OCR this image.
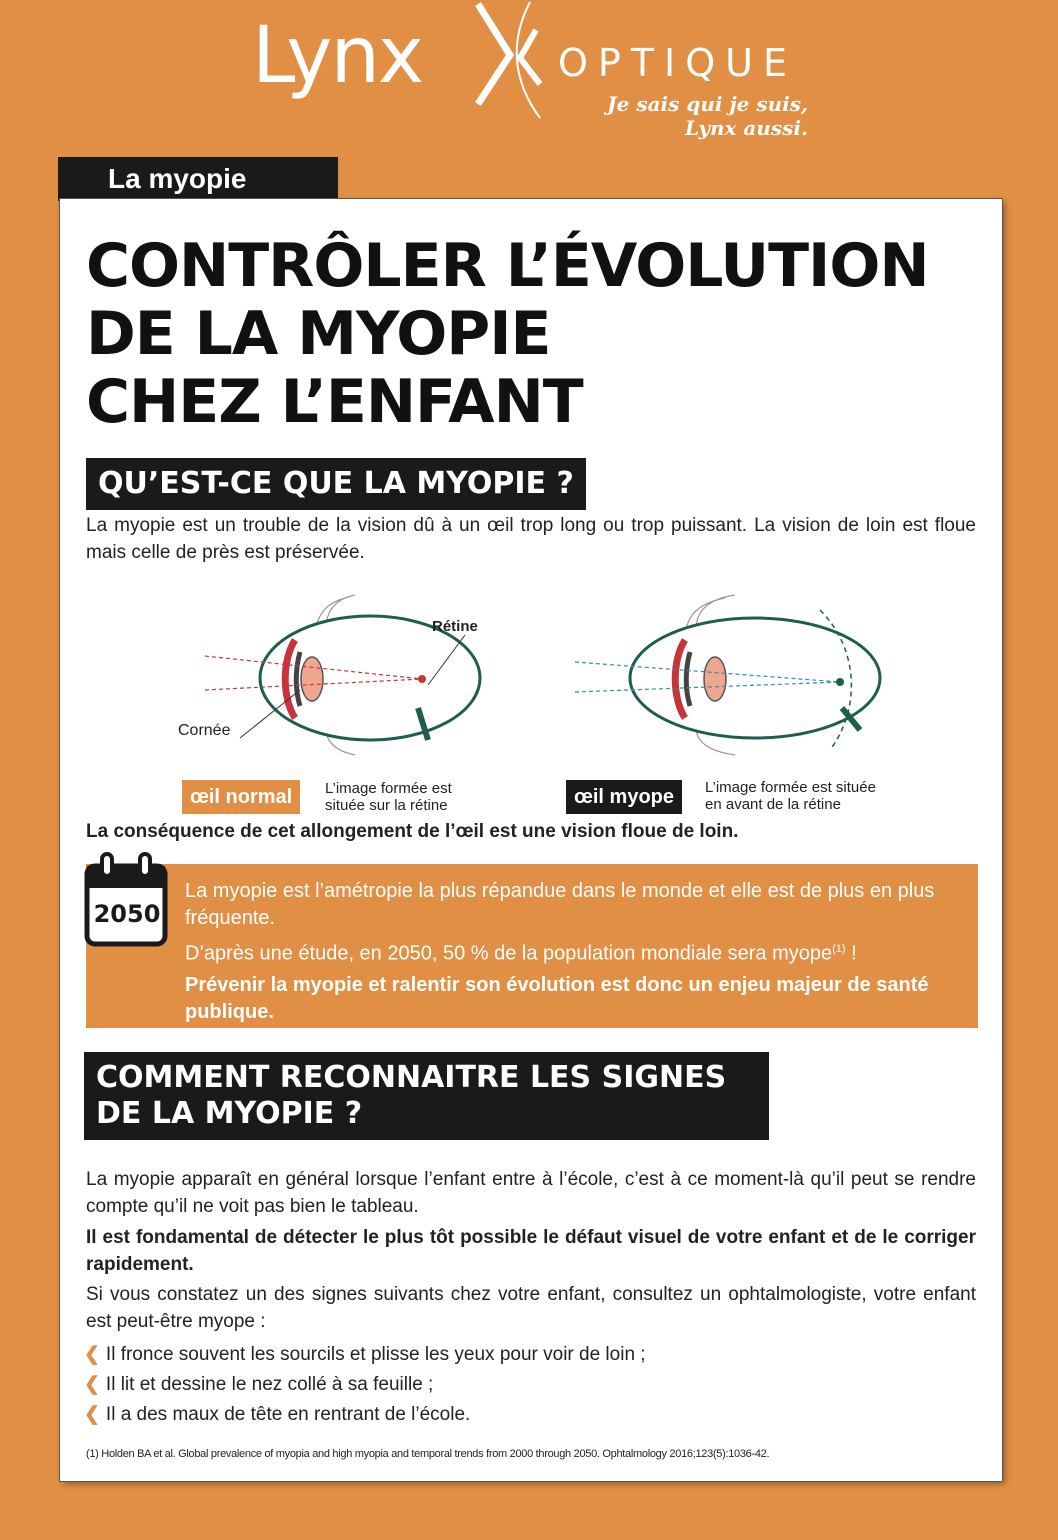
Lynx	OPTIQUE
Je sais qui je suis,
Lynx aussi.
La myopie
CONTRÔLER L’ÉVOLUTION
DE LA MYOPIE
CHEZ L’ENFANT
QU’EST-CE QUE LA MYOPIE ?
La myopie est un trouble de la vision dû à un œil trop long ou trop puissant. La vision de loin est floue mais celle de près est préservée.
Rétine
Cornée
œil normal	L’image formée est
située sur la rétine	œil myope	L’image formée est située
en avant de la rétine
La conséquence de cet allongement de l’œil est une vision floue de loin.
2050
La myopie est l’amétropie la plus répandue dans le monde et elle est de plus en plus fréquente.
D’après une étude, en 2050, 50 % de la population mondiale sera myope$^{(1)}$ !
Prévenir la myopie et ralentir son évolution est donc un enjeu majeur de santé publique.
COMMENT RECONNAITRE LES SIGNES
DE LA MYOPIE ?
La myopie apparaît en général lorsque l’enfant entre à l’école, c’est à ce moment-là qu’il peut se rendre compte qu’il ne voit pas bien le tableau.
Il est fondamental de détecter le plus tôt possible le défaut visuel de votre enfant et de le corriger rapidement.
Si vous constatez un des signes suivants chez votre enfant, consultez un ophtalmologiste, votre enfant est peut-être myope :
❮ Il fronce souvent les sourcils et plisse les yeux pour voir de loin ;
❮ Il lit et dessine le nez collé à sa feuille ;
❮ Il a des maux de tête en rentrant de l’école.
(1) Holden BA et al. Global prevalence of myopia and high myopia and temporal trends from 2000 through 2050. Ophtalmology 2016;123(5):1036-42.
